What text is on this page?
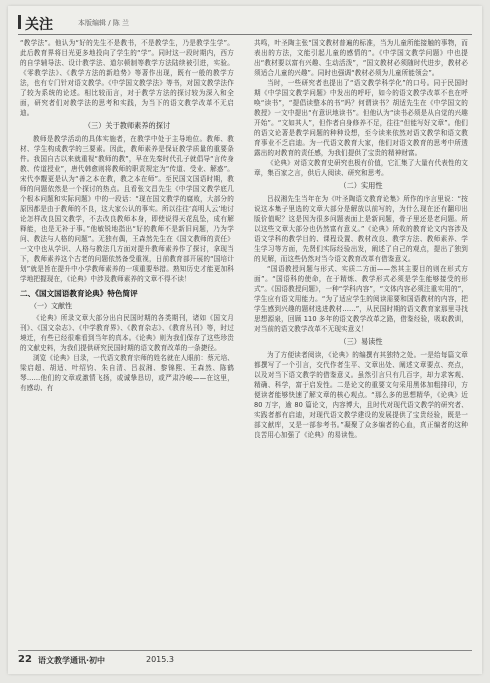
关注	本版编辑 / 陈 兰

“教学法”。他认为“好的先生不是教书，不是教学生，乃是教学生学”。此后教育界将目光更多地投向了学生的“学”。同时这一段时期内，西方的自学辅导法、设计教学法、道尔顿制等教学方法陆续被引进，实验。《零教学法》、《教学方法的新趋势》等著作出现，既有一般的教学方法，也有专门针对语文教学。《中学国文教学法》等书，对国文教学法作了较为系统的论述。相比较而言，对于教学方法的探讨较为深入和全面，研究者们对教学法的思考和实践，为当下的语文教学改革不无启迪。

（三）关于教师素养的探讨

教师是教学活动的具体实施者，在教学中处于主导地位。教师、教材、学生构成教学的三要素。因此，教师素养是保证教学质量的重要条件。我国自古以来就重视“教师的教”，早在先秦时代孔子就倡导“言传身教、传道授业”，唐代韩愈则将教师的职责规定为“传道、受业、解惑”。宋代李觏更是认为“善之本在教，教之本在师”。至民国文国语时期，教师的问题依然是一个探讨的热点。且看张文昌先生《中学国文教学底几个根本问题和实际问题》中的一段话：“现在国文教学的腐败，大部分的原因都是由于教师的不良，这大家公认的事实。所以往往‘高明人云’地讨论怎样改良国文教学，不去改良教师本身，即使说得天花乱坠，成有解释能，也是无补于事。”他敏锐地指出“好的教师不是新旧问题，乃为学问、教法与人格的问题”。无独有偶，王森然先生在《国文教师的责任》一文中也从学识、人格与教法几方面对提升教师素养作了探讨，拿现当下，教师素养这个古老的问题依然备受重视，日前教育部开展的“国培计划”就是旨在提升中小学教师素养的一项重要举措。熟知历史才能更加科学地把握现在，《论典》中涉及教师素养的文章不得不读！

二、《国文国语教育论典》特色简评
（一）文献性

《论典》所录文章大部分出自民国时期的各类期刊，诸如《国文月刊》、《国文杂志》、《中学教育界》、《教育杂志》、《教育丛刊》等，时过境迁，有些已经很难看到当年的真本。《论典》则为我们保存了这些珍贵的文献史料，为我们提供研究民国时期的语文教育改革的一条捷径。

浏览《论典》目录，一代语文教育宗师的姓名就在人眼前：蔡元培、梁启超、胡适、叶绍钧、朱自清、吕叔湘、黎锦熙、王森然、陈鹤琴……他们的文章或激情飞扬，或诚挚恳切，或严肃冷峻——在这里，有感动、有

共鸣，叶圣陶主张“国文教材普遍的标准，当为儿童所能接触的事物，而表出的方法，文能引起儿童的感情的”。《中学国文教学问题》中也提出“教材要以富有兴趣、生动活泼”，“国文教材必须随时代进步，教材必须适合儿童的兴趣”。同时也强调“教材必须为儿童所能领会”。

当时，一些研究者也提出了“语文教学科学化”的口号。同于民国时期《中学国文教学问题》中发出的呼吁，如今的语文教学改革不也在呼唤“读书”，“提倡读整本的书”吗？何谓读书？胡适先生在《中学国文的教授》一文中提出“有意识地读书”。但他认为“读书必须是从自觉的兴趣开始”。“文如其人”，但作者自身修养不足，往往“但能写好文章”。他们的语文论著是教学问题的种种设想，至今读来依然对语文教学和语文教育事业不乏启迪。为一代语文教育大家，他们对语文教育的思考中所透露出的对教育的责任感，为我们提供了宝贵的精神财富。

《论典》对语文教育史研究也极有价值，它汇集了大量有代表性的文章，集百家之言，供后人阅读、研究和思考。

（二）实用性

吕叔湘先生当年在为《叶圣陶语文教育论集》所作的序言里说：“按说这本集子里选的文章大部分是解放以前写的，为什么现在还有翻印出版价值呢？这是因为很多问题表面上是新问题，骨子里还是老问题。所以这些文章大部分也仍然富有意义。”《论典》所收的教育论文内容涉及语文学科的教学目的、课程设置、教材改良、教学方法、教师素养、学生学习等方面，先贤们实际经验出发，阐述了自己的观点，提出了独到的见解，而这些仍然对当今语文教育改革有借鉴意义。

“国语教授问题与形式、实质二方面——然其主要目的则在形式方面”。“国语科的使命，在于精炼、教学形式必须是学生能够接受的形式”。《国语教授问题》，一种“学科内容”，“文体内容必须注重实用的”，学生应有语文用能力。“为了适应学生的阅读需要和国语教材的内容，把学生感到兴趣的题材选进教材……”，从民国时期的语文教育家那里寻找思想源泉，回顾 110 多年的语文教学改革之路，借鉴经验，吸取教训，对当前的语文教学改革不无现实意义！

（三）易读性

为了方便读者阅读，《论典》的编撰有其独特之处。一是给每篇文章都撰写了一个引言，交代作者生平、文章出处、阐述文章要点、亮点，以及对当下语文教学的借鉴意义。虽然引言只有几百字，却力求客观、精确、科学，富于启发性。二是论文的重要文句采用黑体加粗排印，方便读者能够快速了解文章的核心观点。“那么多的思想精华，《论典》近 80 万字，逾 80 篇论文，内容博大，且时代对现代语文教学的研究者、实践者都有启迪，对现代语文教学建设的发展提供了宝贵经验，既是一部文献库，又是一部参考书。”凝聚了众多编者的心血，真正编者的这种良苦用心加强了《论典》的易读性。

22 语文教学通讯·初中	2015.3
